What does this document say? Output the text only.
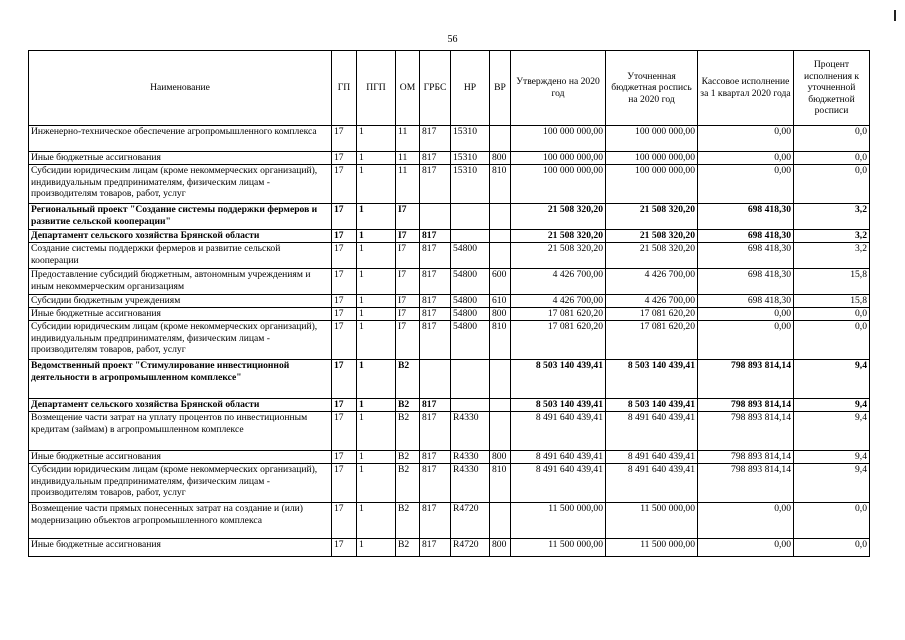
56
Наименование	ГП	ПГП	ОМ	ГРБС	НР	ВР	Утверждено на 2020 год	Уточненная бюджетная роспись на 2020 год	Кассовое исполнение за 1 квартал 2020 года	Процент исполнения к уточненной бюджетной росписи
Инженерно-техническое обеспечение агропромышленного комплекса	17	1	11	817	15310		100 000 000,00	100 000 000,00	0,00	0,0
Иные бюджетные ассигнования	17	1	11	817	15310	800	100 000 000,00	100 000 000,00	0,00	0,0
Субсидии юридическим лицам (кроме некоммерческих организаций), индивидуальным предпринимателям, физическим лицам - производителям товаров, работ, услуг	17	1	11	817	15310	810	100 000 000,00	100 000 000,00	0,00	0,0
Региональный проект "Создание системы поддержки фермеров и развитие сельской кооперации"	17	1	I7				21 508 320,20	21 508 320,20	698 418,30	3,2
Департамент сельского хозяйства Брянской области	17	1	I7	817			21 508 320,20	21 508 320,20	698 418,30	3,2
Создание системы поддержки фермеров и развитие сельской кооперации	17	1	I7	817	54800		21 508 320,20	21 508 320,20	698 418,30	3,2
Предоставление субсидий бюджетным, автономным учреждениям и иным некоммерческим организациям	17	1	I7	817	54800	600	4 426 700,00	4 426 700,00	698 418,30	15,8
Субсидии бюджетным учреждениям	17	1	I7	817	54800	610	4 426 700,00	4 426 700,00	698 418,30	15,8
Иные бюджетные ассигнования	17	1	I7	817	54800	800	17 081 620,20	17 081 620,20	0,00	0,0
Субсидии юридическим лицам (кроме некоммерческих организаций), индивидуальным предпринимателям, физическим лицам - производителям товаров, работ, услуг	17	1	I7	817	54800	810	17 081 620,20	17 081 620,20	0,00	0,0
Ведомственный проект "Стимулирование инвестиционной деятельности в агропромышленном комплексе"	17	1	В2				8 503 140 439,41	8 503 140 439,41	798 893 814,14	9,4
Департамент сельского хозяйства Брянской области	17	1	В2	817			8 503 140 439,41	8 503 140 439,41	798 893 814,14	9,4
Возмещение части затрат на уплату процентов по инвестиционным кредитам (займам) в агропромышленном комплексе	17	1	В2	817	R4330		8 491 640 439,41	8 491 640 439,41	798 893 814,14	9,4
Иные бюджетные ассигнования	17	1	В2	817	R4330	800	8 491 640 439,41	8 491 640 439,41	798 893 814,14	9,4
Субсидии юридическим лицам (кроме некоммерческих организаций), индивидуальным предпринимателям, физическим лицам - производителям товаров, работ, услуг	17	1	В2	817	R4330	810	8 491 640 439,41	8 491 640 439,41	798 893 814,14	9,4
Возмещение части прямых понесенных затрат на создание и (или) модернизацию объектов агропромышленного комплекса	17	1	В2	817	R4720		11 500 000,00	11 500 000,00	0,00	0,0
Иные бюджетные ассигнования	17	1	В2	817	R4720	800	11 500 000,00	11 500 000,00	0,00	0,0
